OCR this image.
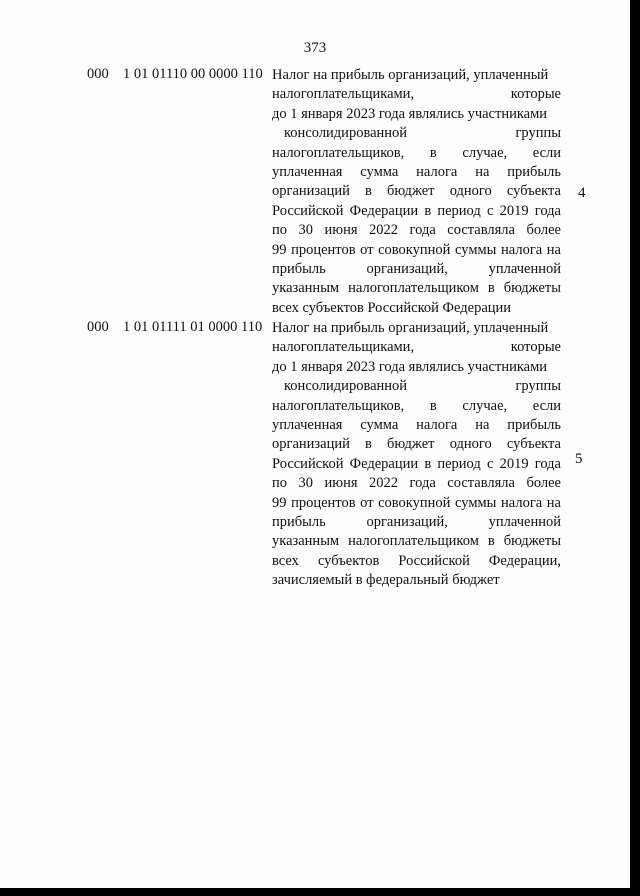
373
000 1 01 01110 00 0000 110 Налог на прибыль организаций, уплаченный
налогоплательщиками, которые
до 1 января 2023 года являлись участниками
консолидированной группы
налогоплательщиков, в случае, если
уплаченная сумма налога на прибыль
организаций в бюджет одного субъекта
Российской Федерации в период с 2019 года
по 30 июня 2022 года составляла более
99 процентов от совокупной суммы налога на
прибыль организаций, уплаченной
указанным налогоплательщиком в бюджеты
всех субъектов Российской Федерации
4
000 1 01 01111 01 0000 110 Налог на прибыль организаций, уплаченный
налогоплательщиками, которые
до 1 января 2023 года являлись участниками
консолидированной группы
налогоплательщиков, в случае, если
уплаченная сумма налога на прибыль
организаций в бюджет одного субъекта
Российской Федерации в период с 2019 года
по 30 июня 2022 года составляла более
99 процентов от совокупной суммы налога на
прибыль организаций, уплаченной
указанным налогоплательщиком в бюджеты
всех субъектов Российской Федерации,
зачисляемый в федеральный бюджет
5
